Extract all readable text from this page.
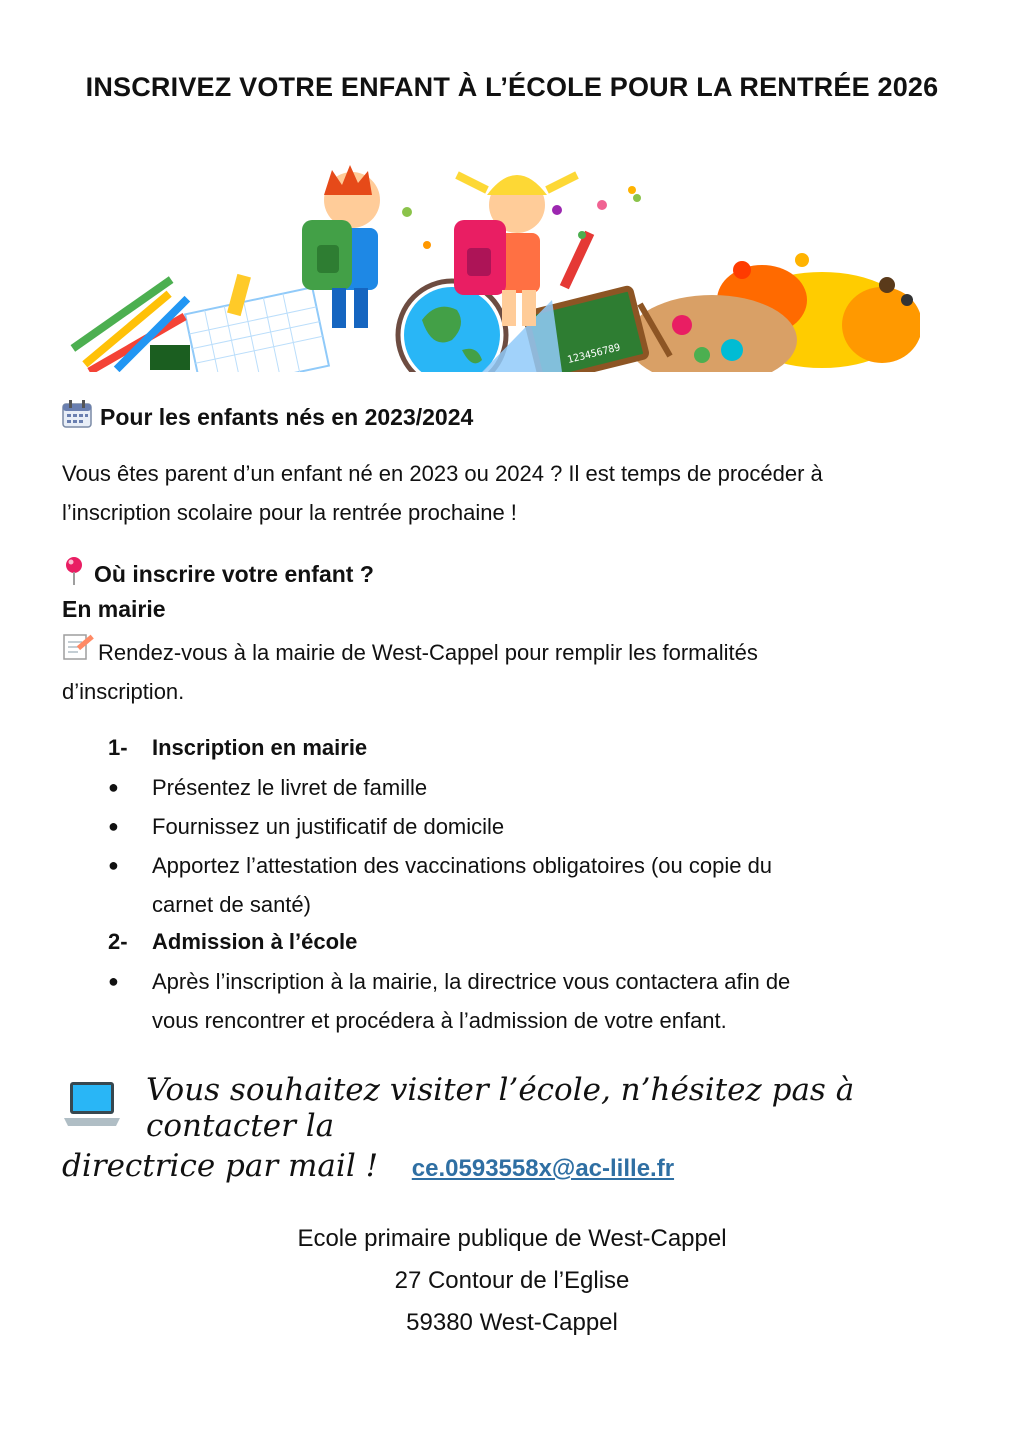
INSCRIVEZ VOTRE ENFANT À L’ÉCOLE POUR LA RENTRÉE 2026
123456789
Pour les enfants nés en 2023/2024
Vous êtes parent d’un enfant né en 2023 ou 2024 ? Il est temps de procéder à
l’inscription scolaire pour la rentrée prochaine !
Où inscrire votre enfant ?
En mairie
Rendez-vous à la mairie de West-Cappel pour remplir les formalités
d’inscription.
1-	Inscription en mairie
●	Présentez le livret de famille
●	Fournissez un justificatif de domicile
●	Apportez l’attestation des vaccinations obligatoires (ou copie du
carnet de santé)
2-	Admission à l’école
●	Après l’inscription à la mairie, la directrice vous contactera afin de
vous rencontrer et procédera à l’admission de votre enfant.
Vous souhaitez visiter l’école, n’hésitez pas à contacter la
directrice par mail ! ce.0593558x@ac-lille.fr
Ecole primaire publique de West-Cappel
27 Contour de l’Eglise
59380 West-Cappel
